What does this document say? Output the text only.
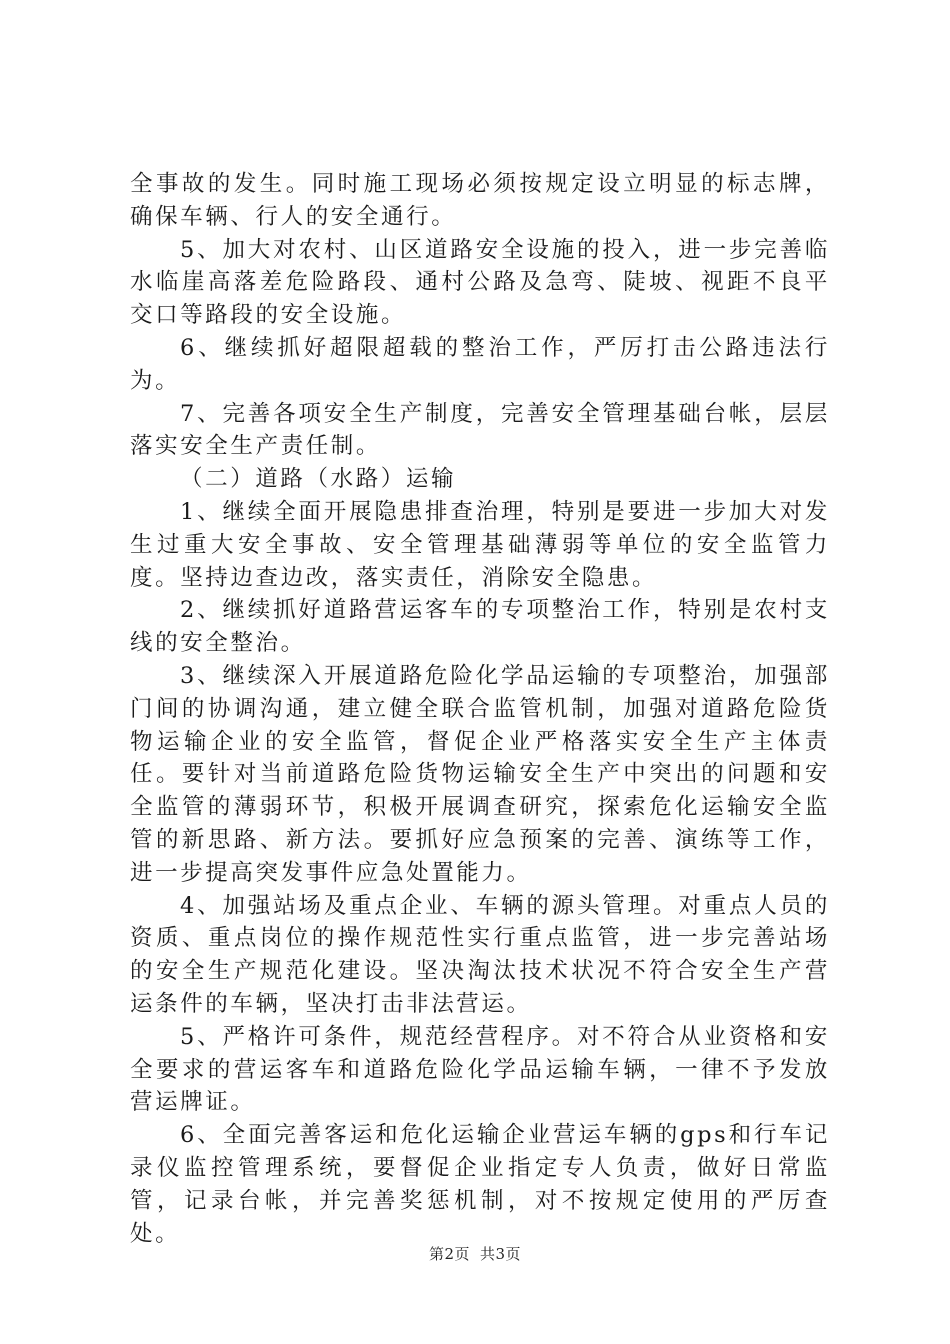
全事故的发生。同时施工现场必须按规定设立明显的标志牌，确保车辆、行人的安全通行。

5、加大对农村、山区道路安全设施的投入，进一步完善临水临崖高落差危险路段、通村公路及急弯、陡坡、视距不良平交口等路段的安全设施。

6、继续抓好超限超载的整治工作，严厉打击公路违法行为。

7、完善各项安全生产制度，完善安全管理基础台帐，层层落实安全生产责任制。

（二）道路（水路）运输

1、继续全面开展隐患排查治理，特别是要进一步加大对发生过重大安全事故、安全管理基础薄弱等单位的安全监管力度。坚持边查边改，落实责任，消除安全隐患。

2、继续抓好道路营运客车的专项整治工作，特别是农村支线的安全整治。

3、继续深入开展道路危险化学品运输的专项整治，加强部门间的协调沟通，建立健全联合监管机制，加强对道路危险货物运输企业的安全监管，督促企业严格落实安全生产主体责任。要针对当前道路危险货物运输安全生产中突出的问题和安全监管的薄弱环节，积极开展调查研究，探索危化运输安全监管的新思路、新方法。要抓好应急预案的完善、演练等工作，进一步提高突发事件应急处置能力。

4、加强站场及重点企业、车辆的源头管理。对重点人员的资质、重点岗位的操作规范性实行重点监管，进一步完善站场的安全生产规范化建设。坚决淘汰技术状况不符合安全生产营运条件的车辆，坚决打击非法营运。

5、严格许可条件，规范经营程序。对不符合从业资格和安全要求的营运客车和道路危险化学品运输车辆，一律不予发放营运牌证。

6、全面完善客运和危化运输企业营运车辆的gps和行车记录仪监控管理系统，要督促企业指定专人负责，做好日常监管，记录台帐，并完善奖惩机制，对不按规定使用的严厉查处。

第2页 共3页
